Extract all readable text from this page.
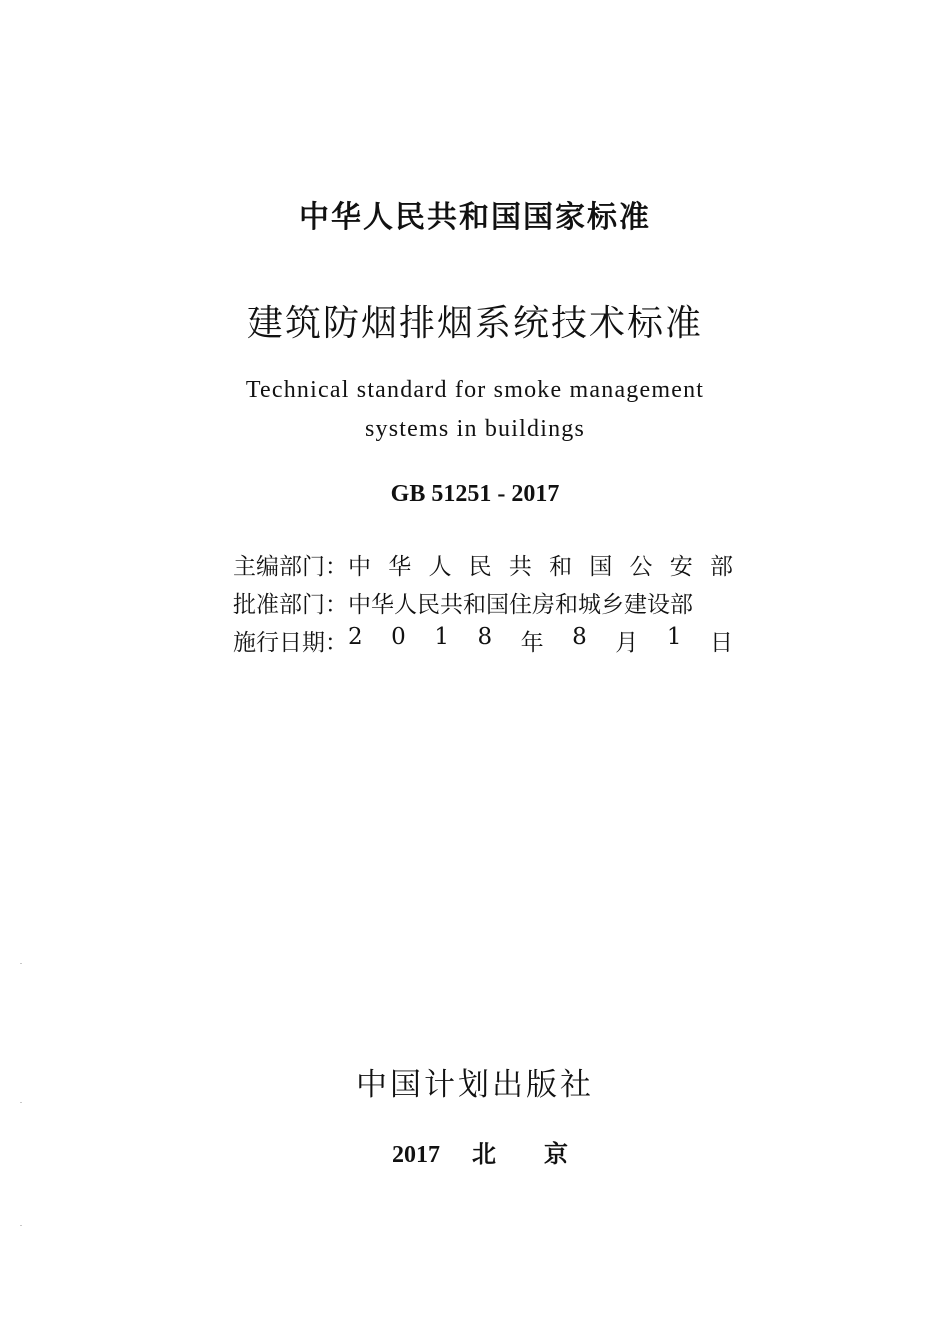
中华人民共和国国家标准
建筑防烟排烟系统技术标准
Technical standard for smoke management
systems in buildings
GB 51251 - 2017
主编部门： 中 华 人 民 共 和 国 公 安 部
批准部门： 中华人民共和国住房和城乡建设部
施行日期： 2 0 1 8 年 8 月 1 日
中国计划出版社
2017 北京
